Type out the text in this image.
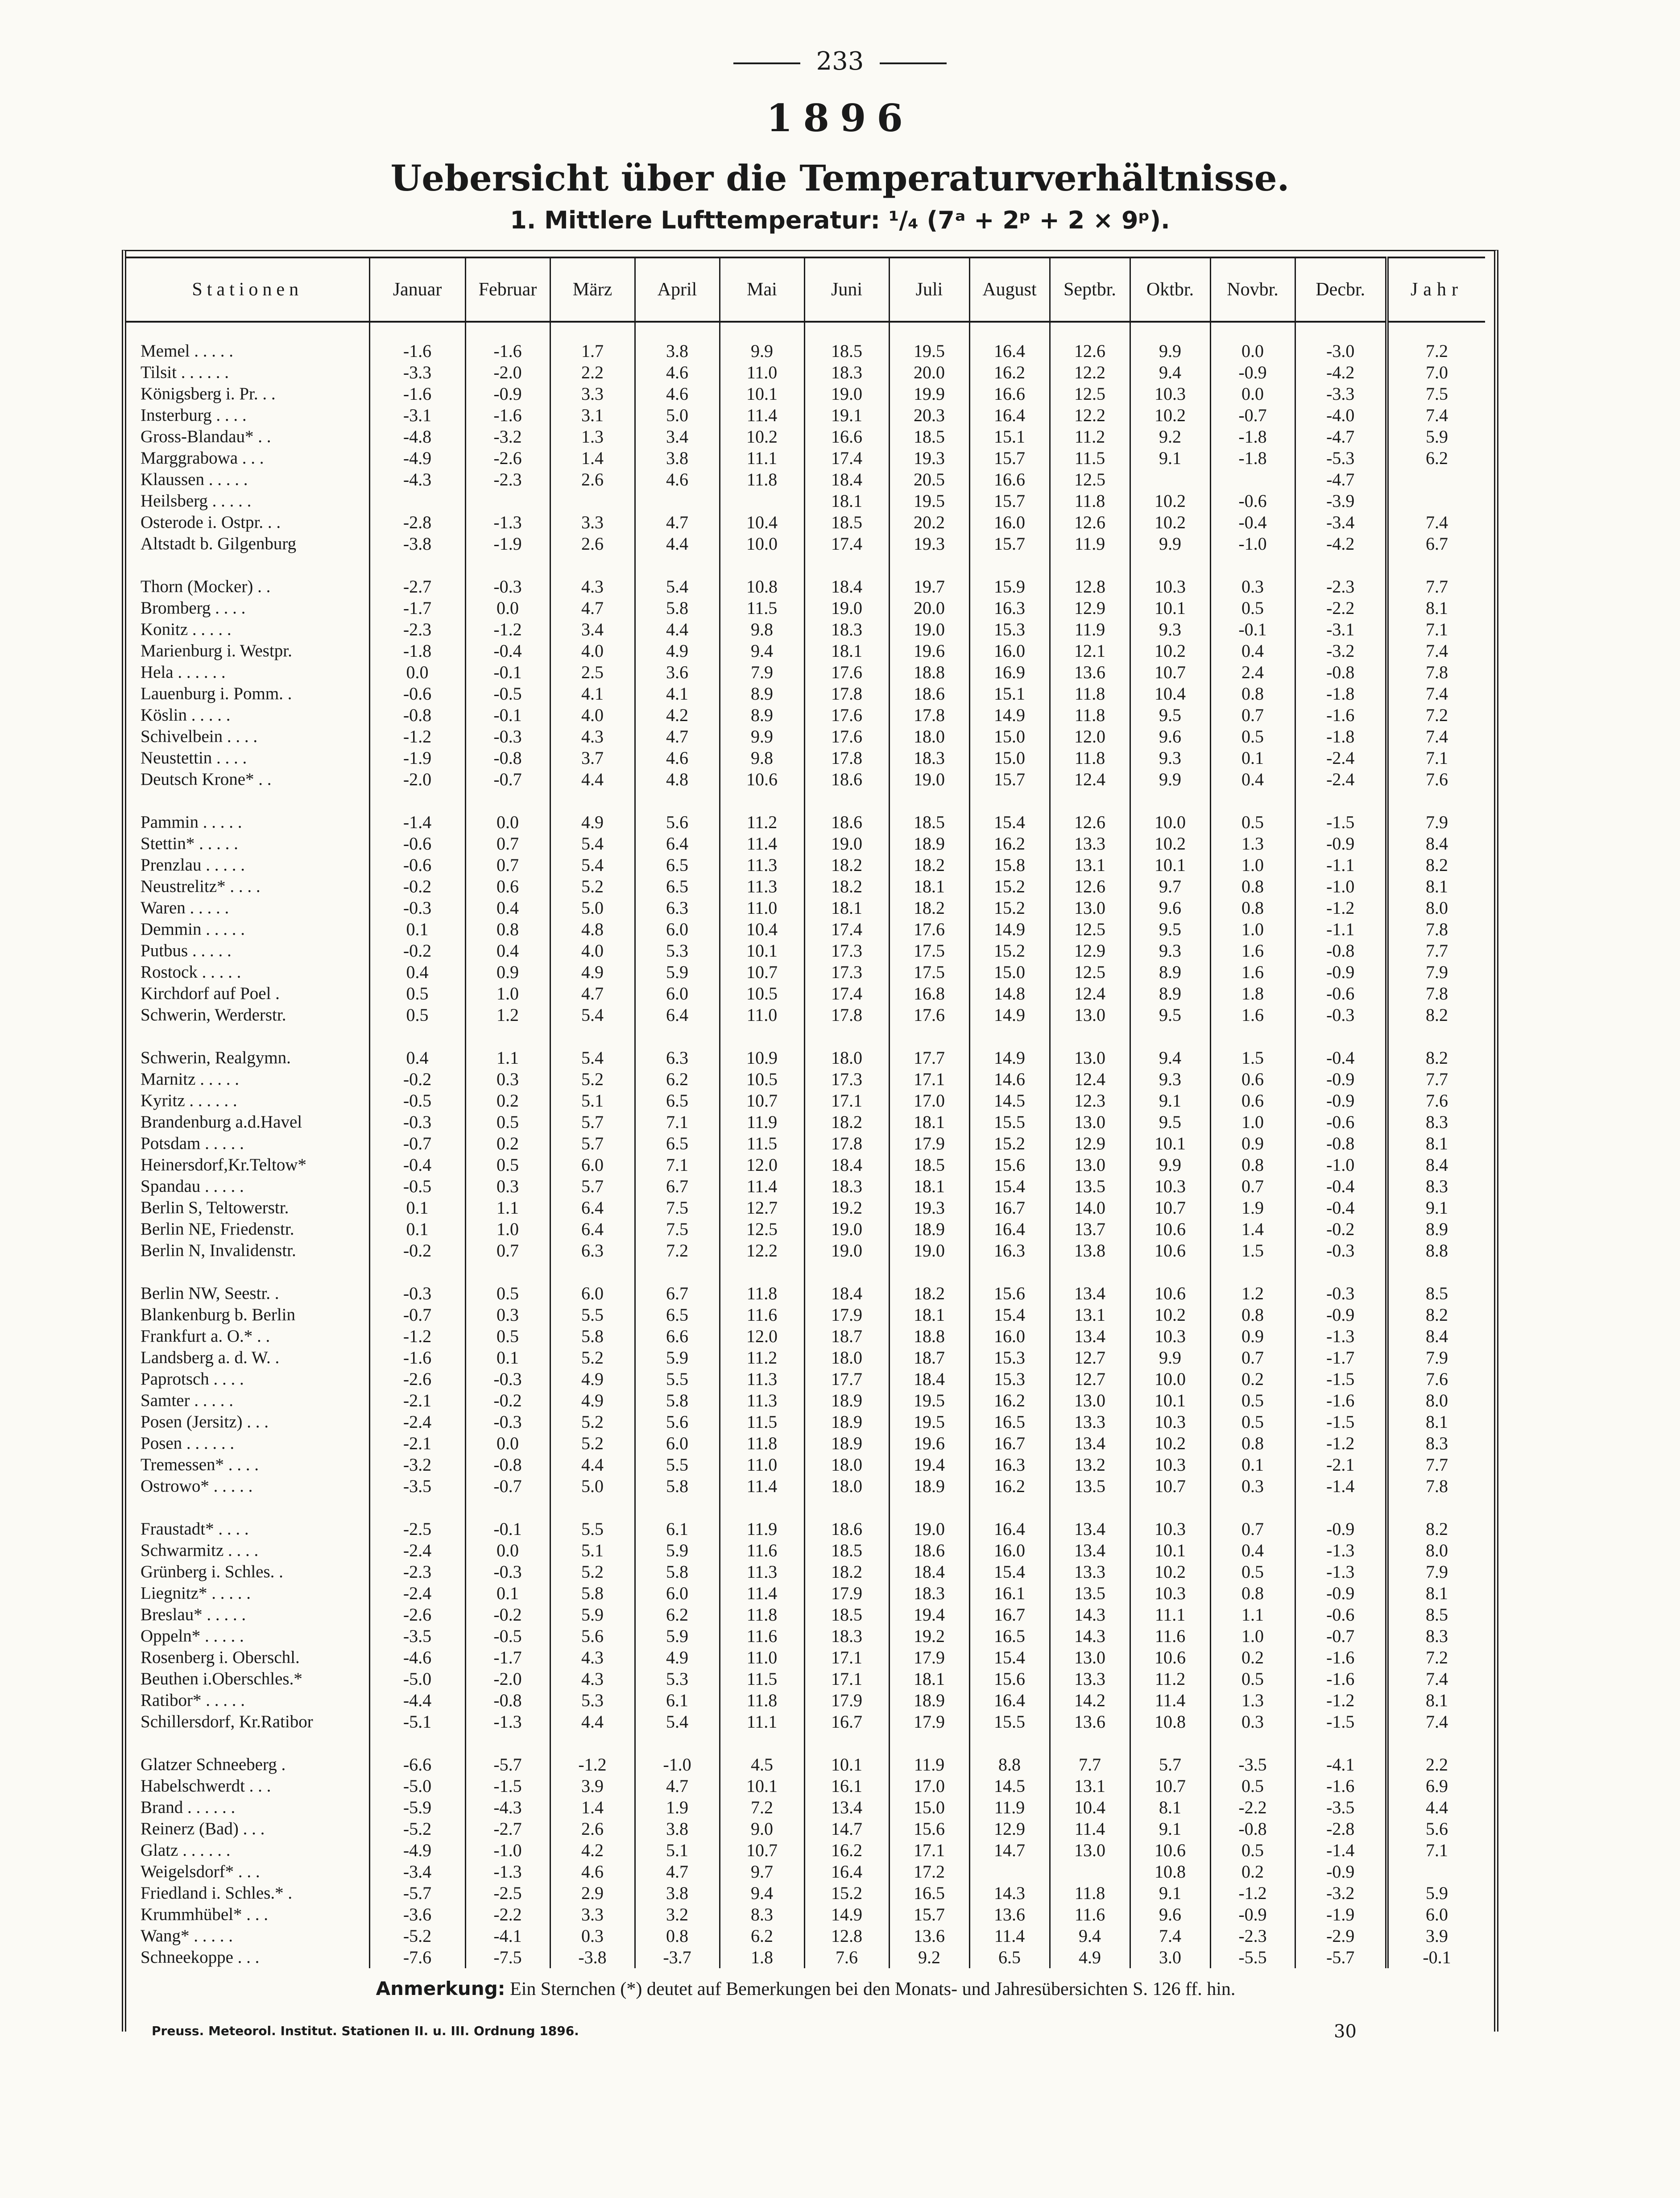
233
1896
Uebersicht über die Temperaturverhältnisse.
1. Mittlere Lufttemperatur: ¹/₄ (7ᵃ + 2ᵖ + 2 × 9ᵖ).
Stationen	Januar	Februar	März	April	Mai	Juni	Juli	August	Septbr.	Oktbr.	Novbr.	Decbr.	Jahr

Memel . . . . .	-1.6	-1.6	1.7	3.8	9.9	18.5	19.5	16.4	12.6	9.9	0.0	-3.0	7.2
Tilsit . . . . . .	-3.3	-2.0	2.2	4.6	11.0	18.3	20.0	16.2	12.2	9.4	-0.9	-4.2	7.0
Königsberg i. Pr. . .	-1.6	-0.9	3.3	4.6	10.1	19.0	19.9	16.6	12.5	10.3	0.0	-3.3	7.5
Insterburg . . . .	-3.1	-1.6	3.1	5.0	11.4	19.1	20.3	16.4	12.2	10.2	-0.7	-4.0	7.4
Gross-Blandau* . .	-4.8	-3.2	1.3	3.4	10.2	16.6	18.5	15.1	11.2	9.2	-1.8	-4.7	5.9
Marggrabowa . . .	-4.9	-2.6	1.4	3.8	11.1	17.4	19.3	15.7	11.5	9.1	-1.8	-5.3	6.2
Klaussen . . . . .	-4.3	-2.3	2.6	4.6	11.8	18.4	20.5	16.6	12.5			-4.7	
Heilsberg . . . . .						18.1	19.5	15.7	11.8	10.2	-0.6	-3.9	
Osterode i. Ostpr. . .	-2.8	-1.3	3.3	4.7	10.4	18.5	20.2	16.0	12.6	10.2	-0.4	-3.4	7.4
Altstadt b. Gilgenburg	-3.8	-1.9	2.6	4.4	10.0	17.4	19.3	15.7	11.9	9.9	-1.0	-4.2	6.7

Thorn (Mocker) . .	-2.7	-0.3	4.3	5.4	10.8	18.4	19.7	15.9	12.8	10.3	0.3	-2.3	7.7
Bromberg . . . .	-1.7	0.0	4.7	5.8	11.5	19.0	20.0	16.3	12.9	10.1	0.5	-2.2	8.1
Konitz . . . . .	-2.3	-1.2	3.4	4.4	9.8	18.3	19.0	15.3	11.9	9.3	-0.1	-3.1	7.1
Marienburg i. Westpr.	-1.8	-0.4	4.0	4.9	9.4	18.1	19.6	16.0	12.1	10.2	0.4	-3.2	7.4
Hela . . . . . .	0.0	-0.1	2.5	3.6	7.9	17.6	18.8	16.9	13.6	10.7	2.4	-0.8	7.8
Lauenburg i. Pomm. .	-0.6	-0.5	4.1	4.1	8.9	17.8	18.6	15.1	11.8	10.4	0.8	-1.8	7.4
Köslin . . . . .	-0.8	-0.1	4.0	4.2	8.9	17.6	17.8	14.9	11.8	9.5	0.7	-1.6	7.2
Schivelbein . . . .	-1.2	-0.3	4.3	4.7	9.9	17.6	18.0	15.0	12.0	9.6	0.5	-1.8	7.4
Neustettin . . . .	-1.9	-0.8	3.7	4.6	9.8	17.8	18.3	15.0	11.8	9.3	0.1	-2.4	7.1
Deutsch Krone* . .	-2.0	-0.7	4.4	4.8	10.6	18.6	19.0	15.7	12.4	9.9	0.4	-2.4	7.6

Pammin . . . . .	-1.4	0.0	4.9	5.6	11.2	18.6	18.5	15.4	12.6	10.0	0.5	-1.5	7.9
Stettin* . . . . .	-0.6	0.7	5.4	6.4	11.4	19.0	18.9	16.2	13.3	10.2	1.3	-0.9	8.4
Prenzlau . . . . .	-0.6	0.7	5.4	6.5	11.3	18.2	18.2	15.8	13.1	10.1	1.0	-1.1	8.2
Neustrelitz* . . . .	-0.2	0.6	5.2	6.5	11.3	18.2	18.1	15.2	12.6	9.7	0.8	-1.0	8.1
Waren . . . . .	-0.3	0.4	5.0	6.3	11.0	18.1	18.2	15.2	13.0	9.6	0.8	-1.2	8.0
Demmin . . . . .	0.1	0.8	4.8	6.0	10.4	17.4	17.6	14.9	12.5	9.5	1.0	-1.1	7.8
Putbus . . . . .	-0.2	0.4	4.0	5.3	10.1	17.3	17.5	15.2	12.9	9.3	1.6	-0.8	7.7
Rostock . . . . .	0.4	0.9	4.9	5.9	10.7	17.3	17.5	15.0	12.5	8.9	1.6	-0.9	7.9
Kirchdorf auf Poel .	0.5	1.0	4.7	6.0	10.5	17.4	16.8	14.8	12.4	8.9	1.8	-0.6	7.8
Schwerin, Werderstr.	0.5	1.2	5.4	6.4	11.0	17.8	17.6	14.9	13.0	9.5	1.6	-0.3	8.2

Schwerin, Realgymn.	0.4	1.1	5.4	6.3	10.9	18.0	17.7	14.9	13.0	9.4	1.5	-0.4	8.2
Marnitz . . . . .	-0.2	0.3	5.2	6.2	10.5	17.3	17.1	14.6	12.4	9.3	0.6	-0.9	7.7
Kyritz . . . . . .	-0.5	0.2	5.1	6.5	10.7	17.1	17.0	14.5	12.3	9.1	0.6	-0.9	7.6
Brandenburg a.d.Havel	-0.3	0.5	5.7	7.1	11.9	18.2	18.1	15.5	13.0	9.5	1.0	-0.6	8.3
Potsdam . . . . .	-0.7	0.2	5.7	6.5	11.5	17.8	17.9	15.2	12.9	10.1	0.9	-0.8	8.1
Heinersdorf,Kr.Teltow*	-0.4	0.5	6.0	7.1	12.0	18.4	18.5	15.6	13.0	9.9	0.8	-1.0	8.4
Spandau . . . . .	-0.5	0.3	5.7	6.7	11.4	18.3	18.1	15.4	13.5	10.3	0.7	-0.4	8.3
Berlin S, Teltowerstr.	0.1	1.1	6.4	7.5	12.7	19.2	19.3	16.7	14.0	10.7	1.9	-0.4	9.1
Berlin NE, Friedenstr.	0.1	1.0	6.4	7.5	12.5	19.0	18.9	16.4	13.7	10.6	1.4	-0.2	8.9
Berlin N, Invalidenstr.	-0.2	0.7	6.3	7.2	12.2	19.0	19.0	16.3	13.8	10.6	1.5	-0.3	8.8

Berlin NW, Seestr. .	-0.3	0.5	6.0	6.7	11.8	18.4	18.2	15.6	13.4	10.6	1.2	-0.3	8.5
Blankenburg b. Berlin	-0.7	0.3	5.5	6.5	11.6	17.9	18.1	15.4	13.1	10.2	0.8	-0.9	8.2
Frankfurt a. O.* . .	-1.2	0.5	5.8	6.6	12.0	18.7	18.8	16.0	13.4	10.3	0.9	-1.3	8.4
Landsberg a. d. W. .	-1.6	0.1	5.2	5.9	11.2	18.0	18.7	15.3	12.7	9.9	0.7	-1.7	7.9
Paprotsch . . . .	-2.6	-0.3	4.9	5.5	11.3	17.7	18.4	15.3	12.7	10.0	0.2	-1.5	7.6
Samter . . . . .	-2.1	-0.2	4.9	5.8	11.3	18.9	19.5	16.2	13.0	10.1	0.5	-1.6	8.0
Posen (Jersitz) . . .	-2.4	-0.3	5.2	5.6	11.5	18.9	19.5	16.5	13.3	10.3	0.5	-1.5	8.1
Posen . . . . . .	-2.1	0.0	5.2	6.0	11.8	18.9	19.6	16.7	13.4	10.2	0.8	-1.2	8.3
Tremessen* . . . .	-3.2	-0.8	4.4	5.5	11.0	18.0	19.4	16.3	13.2	10.3	0.1	-2.1	7.7
Ostrowo* . . . . .	-3.5	-0.7	5.0	5.8	11.4	18.0	18.9	16.2	13.5	10.7	0.3	-1.4	7.8

Fraustadt* . . . .	-2.5	-0.1	5.5	6.1	11.9	18.6	19.0	16.4	13.4	10.3	0.7	-0.9	8.2
Schwarmitz . . . .	-2.4	0.0	5.1	5.9	11.6	18.5	18.6	16.0	13.4	10.1	0.4	-1.3	8.0
Grünberg i. Schles. .	-2.3	-0.3	5.2	5.8	11.3	18.2	18.4	15.4	13.3	10.2	0.5	-1.3	7.9
Liegnitz* . . . . .	-2.4	0.1	5.8	6.0	11.4	17.9	18.3	16.1	13.5	10.3	0.8	-0.9	8.1
Breslau* . . . . .	-2.6	-0.2	5.9	6.2	11.8	18.5	19.4	16.7	14.3	11.1	1.1	-0.6	8.5
Oppeln* . . . . .	-3.5	-0.5	5.6	5.9	11.6	18.3	19.2	16.5	14.3	11.6	1.0	-0.7	8.3
Rosenberg i. Oberschl.	-4.6	-1.7	4.3	4.9	11.0	17.1	17.9	15.4	13.0	10.6	0.2	-1.6	7.2
Beuthen i.Oberschles.*	-5.0	-2.0	4.3	5.3	11.5	17.1	18.1	15.6	13.3	11.2	0.5	-1.6	7.4
Ratibor* . . . . .	-4.4	-0.8	5.3	6.1	11.8	17.9	18.9	16.4	14.2	11.4	1.3	-1.2	8.1
Schillersdorf, Kr.Ratibor	-5.1	-1.3	4.4	5.4	11.1	16.7	17.9	15.5	13.6	10.8	0.3	-1.5	7.4

Glatzer Schneeberg .	-6.6	-5.7	-1.2	-1.0	4.5	10.1	11.9	8.8	7.7	5.7	-3.5	-4.1	2.2
Habelschwerdt . . .	-5.0	-1.5	3.9	4.7	10.1	16.1	17.0	14.5	13.1	10.7	0.5	-1.6	6.9
Brand . . . . . .	-5.9	-4.3	1.4	1.9	7.2	13.4	15.0	11.9	10.4	8.1	-2.2	-3.5	4.4
Reinerz (Bad) . . .	-5.2	-2.7	2.6	3.8	9.0	14.7	15.6	12.9	11.4	9.1	-0.8	-2.8	5.6
Glatz . . . . . .	-4.9	-1.0	4.2	5.1	10.7	16.2	17.1	14.7	13.0	10.6	0.5	-1.4	7.1
Weigelsdorf* . . .	-3.4	-1.3	4.6	4.7	9.7	16.4	17.2			10.8	0.2	-0.9	
Friedland i. Schles.* .	-5.7	-2.5	2.9	3.8	9.4	15.2	16.5	14.3	11.8	9.1	-1.2	-3.2	5.9
Krummhübel* . . .	-3.6	-2.2	3.3	3.2	8.3	14.9	15.7	13.6	11.6	9.6	-0.9	-1.9	6.0
Wang* . . . . .	-5.2	-4.1	0.3	0.8	6.2	12.8	13.6	11.4	9.4	7.4	-2.3	-2.9	3.9
Schneekoppe . . .	-7.6	-7.5	-3.8	-3.7	1.8	7.6	9.2	6.5	4.9	3.0	-5.5	-5.7	-0.1
Anmerkung: Ein Sternchen (*) deutet auf Bemerkungen bei den Monats- und Jahresübersichten S. 126 ff. hin.
Preuss. Meteorol. Institut. Stationen II. u. III. Ordnung 1896.	30
